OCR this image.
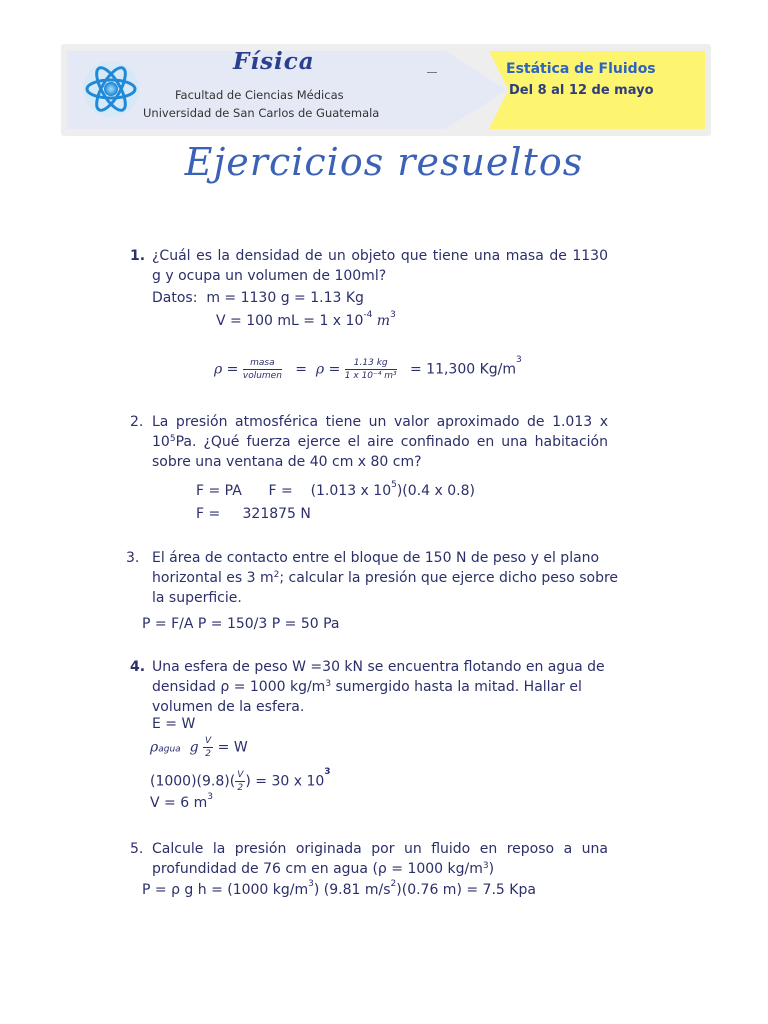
Física
Facultad de Ciencias Médicas
Universidad de San Carlos de Guatemala
Estática de Fluidos
Del 8 al 12 de mayo
Ejercicios resueltos
1. ¿Cuál es la densidad de un objeto que tiene una masa de 1130 g y ocupa un volumen de 100ml?
Datos: m = 1130 g = 1.13 Kg
V = 100 mL = 1 x $10^{-4}$ $m^3$
$\rho = \frac{\text{masa}}{\text{volumen}} = \rho = \frac{1.13 kg}{\text{1 x 10⁻⁴ m³}} = 11,300$ $Kg/m^3$
2. La presión atmosférica tiene un valor aproximado de 1.013 x $10^5Pa$. ¿Qué fuerza ejerce el aire confinado en una habitación sobre una ventana de 40 cm x 80 cm?
F = PA F = (1.013 x $10^5)(0.4$ x 0.8)
F = 321875 N
3. El área de contacto entre el bloque de 150 N de peso y el plano horizontal es 3 $m^2$; calcular la presión que ejerce dicho peso sobre la superficie.
P = F/A P = 150/3 P = 50 Pa
4. Una esfera de peso W =30 kN se encuentra flotando en agua de densidad ρ = 1000 $kg/m^3$ sumergido hasta la mitad. Hallar el volumen de la esfera.
E = W
ρagua g $\frac{V}{2} = W$
$(1000)(9.8)( \frac{V}{2}$ ) = 30 x $10^3$
V = 6 $m^3$
5. Calcule la presión originada por un fluido en reposo a una profundidad de 76 cm en agua (ρ = 1000 $kg/m^3$)
P = ρ g h = (1000 $kg/m^3$) (9.81 $m/s^2)(0.76$ m) = 7.5 Kpa
